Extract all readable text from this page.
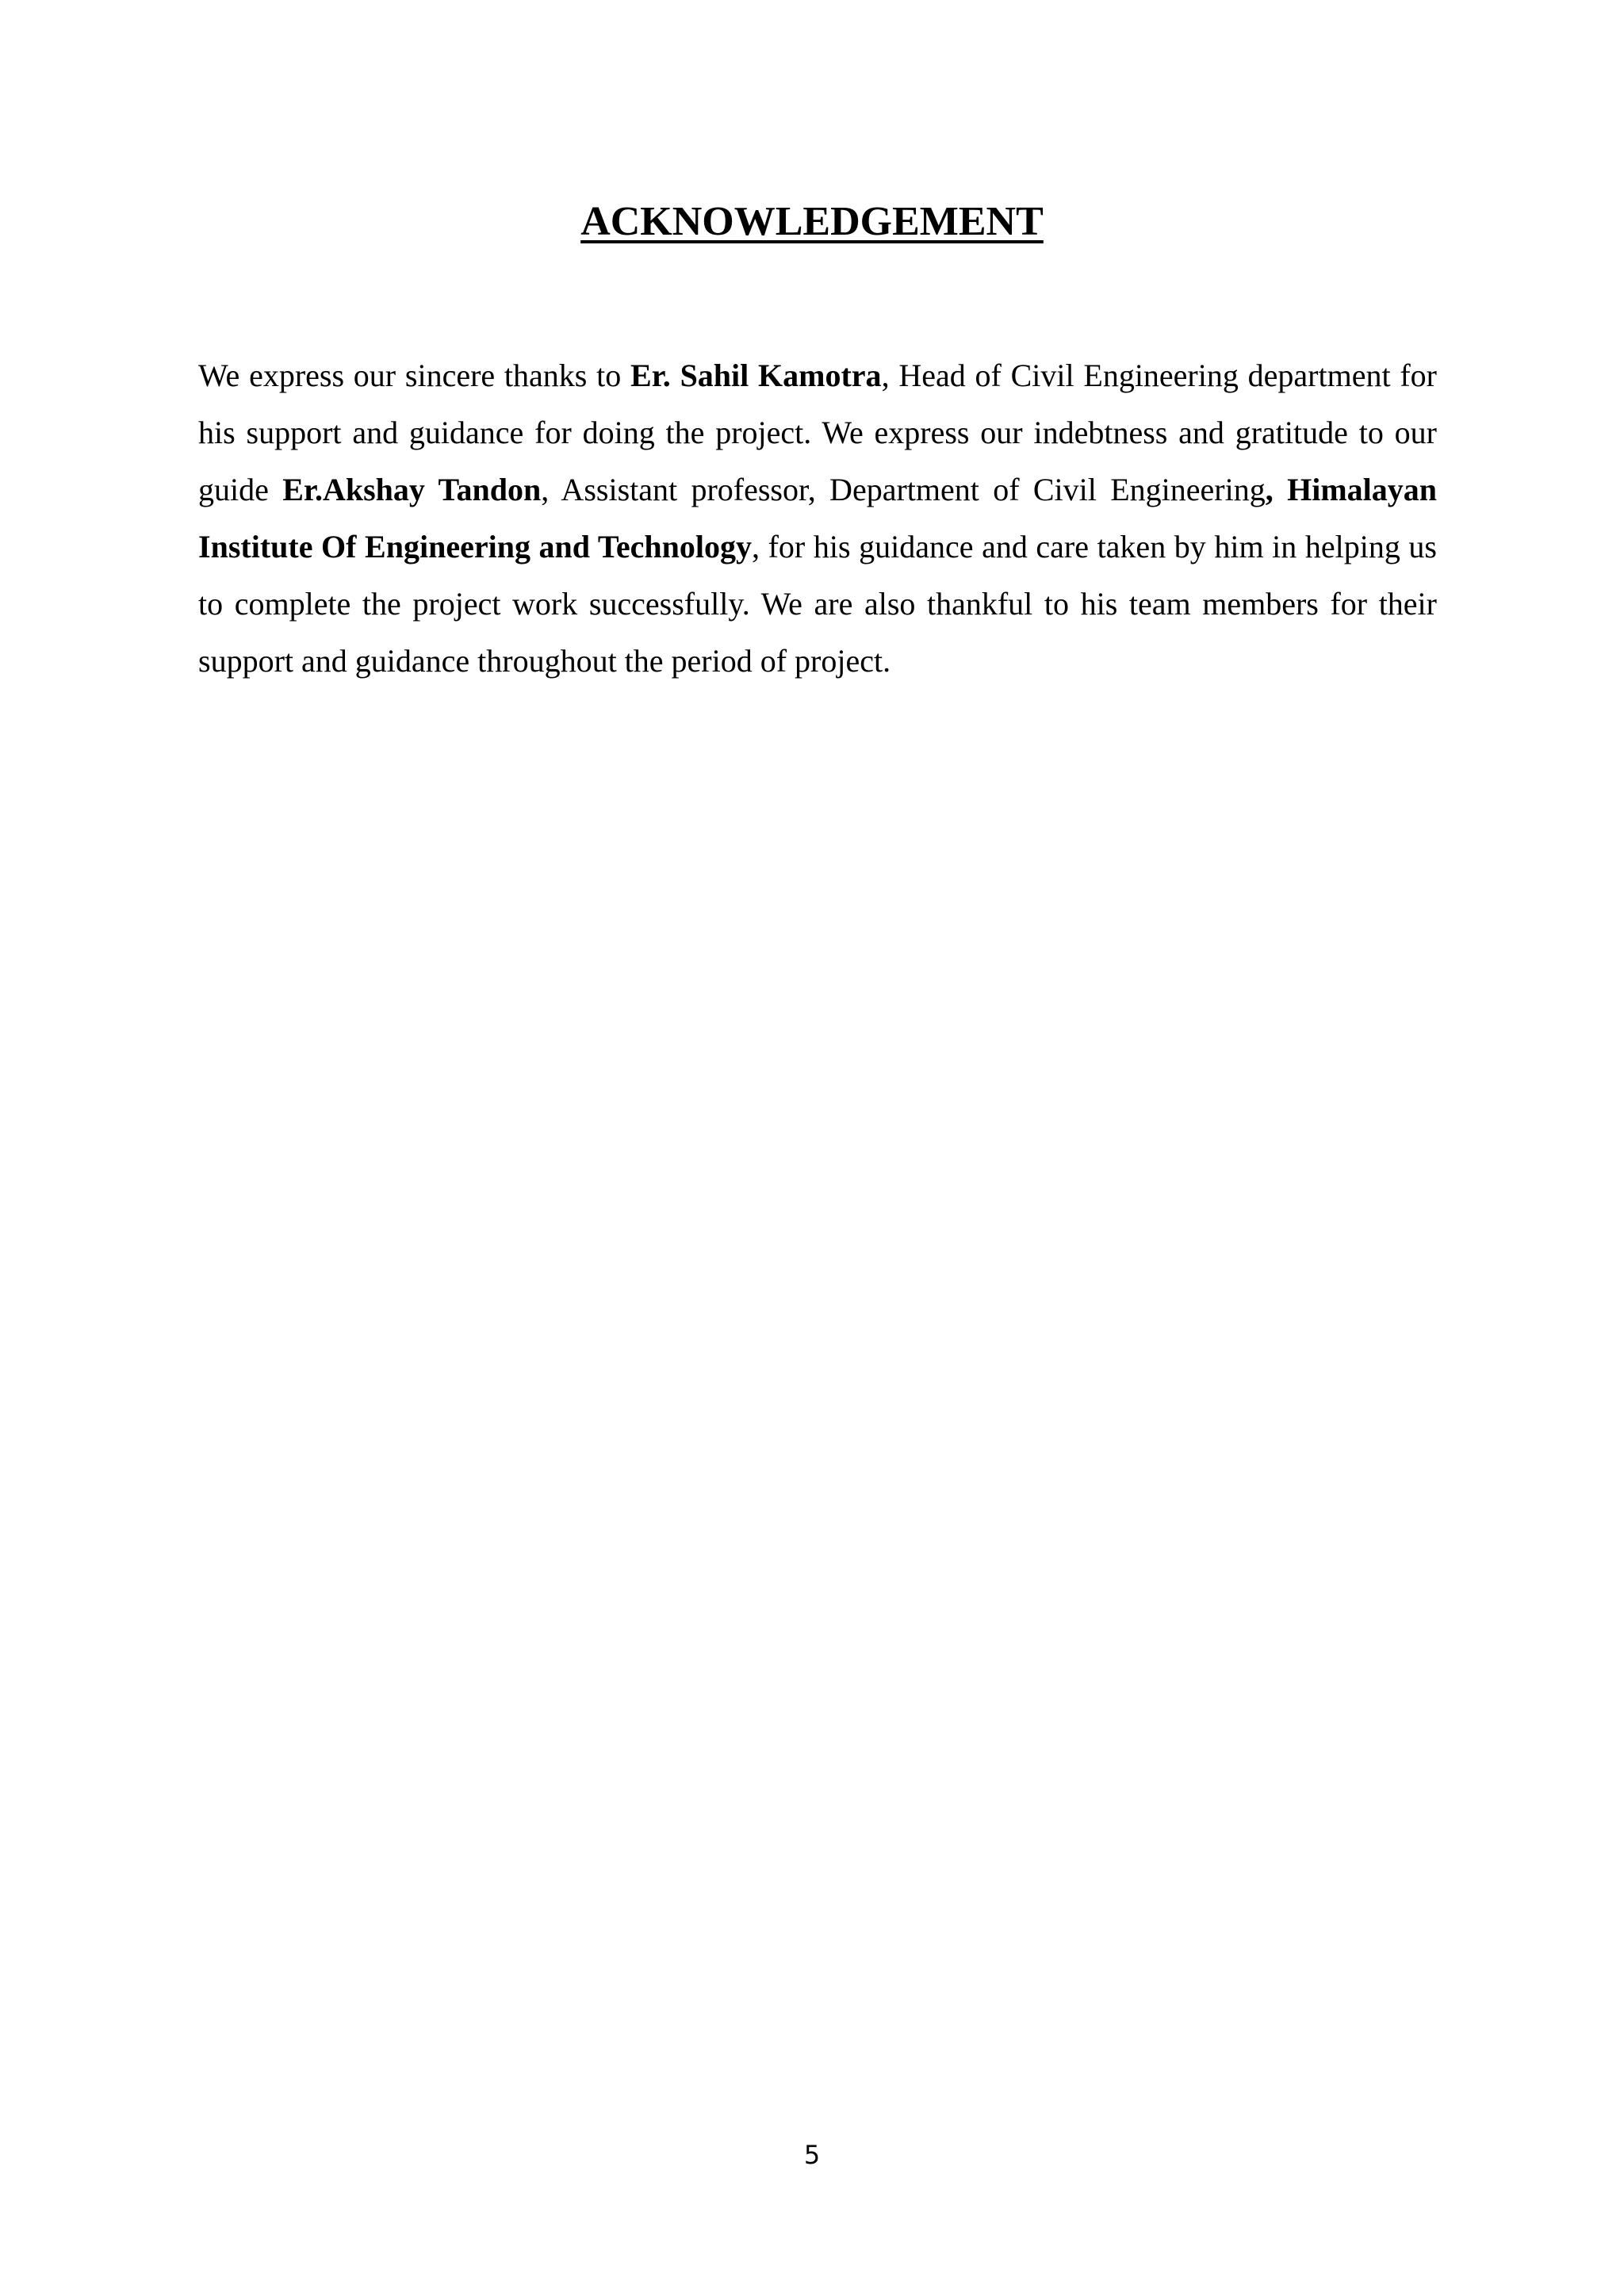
ACKNOWLEDGEMENT

We express our sincere thanks to Er. Sahil Kamotra, Head of Civil Engineering department for his support and guidance for doing the project. We express our indebtness and gratitude to our guide Er.Akshay Tandon, Assistant professor, Department of Civil Engineering, Himalayan Institute Of Engineering and Technology, for his guidance and care taken by him in helping us to complete the project work successfully. We are also thankful to his team members for their support and guidance throughout the period of project.

5
